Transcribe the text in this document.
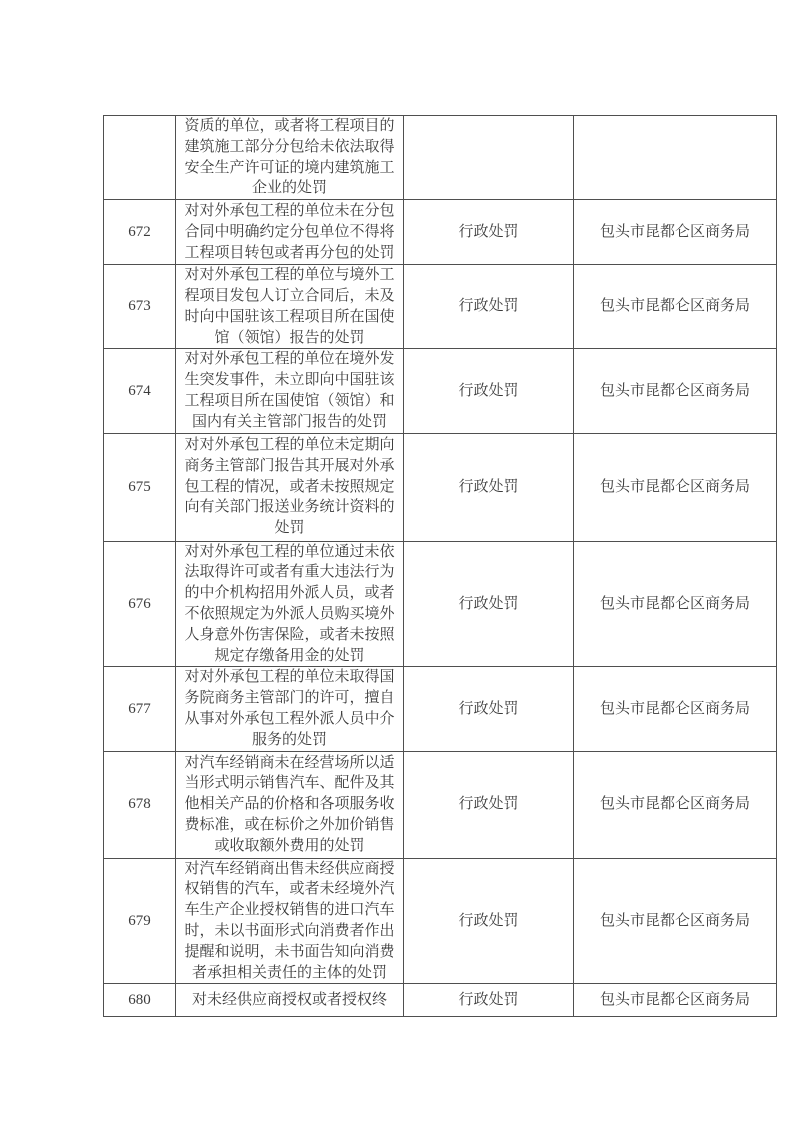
	资质的单位，或者将工程项目的建筑施工部分分包给未依法取得安全生产许可证的境内建筑施工企业的处罚		
672	对对外承包工程的单位未在分包合同中明确约定分包单位不得将工程项目转包或者再分包的处罚	行政处罚	包头市昆都仑区商务局
673	对对外承包工程的单位与境外工程项目发包人订立合同后，未及时向中国驻该工程项目所在国使馆（领馆）报告的处罚	行政处罚	包头市昆都仑区商务局
674	对对外承包工程的单位在境外发生突发事件，未立即向中国驻该工程项目所在国使馆（领馆）和国内有关主管部门报告的处罚	行政处罚	包头市昆都仑区商务局
675	对对外承包工程的单位未定期向商务主管部门报告其开展对外承包工程的情况，或者未按照规定向有关部门报送业务统计资料的处罚	行政处罚	包头市昆都仑区商务局
676	对对外承包工程的单位通过未依法取得许可或者有重大违法行为的中介机构招用外派人员，或者不依照规定为外派人员购买境外人身意外伤害保险，或者未按照规定存缴备用金的处罚	行政处罚	包头市昆都仑区商务局
677	对对外承包工程的单位未取得国务院商务主管部门的许可，擅自从事对外承包工程外派人员中介服务的处罚	行政处罚	包头市昆都仑区商务局
678	对汽车经销商未在经营场所以适当形式明示销售汽车、配件及其他相关产品的价格和各项服务收费标准，或在标价之外加价销售或收取额外费用的处罚	行政处罚	包头市昆都仑区商务局
679	对汽车经销商出售未经供应商授权销售的汽车，或者未经境外汽车生产企业授权销售的进口汽车时，未以书面形式向消费者作出提醒和说明，未书面告知向消费者承担相关责任的主体的处罚	行政处罚	包头市昆都仑区商务局
680	对未经供应商授权或者授权终	行政处罚	包头市昆都仑区商务局
